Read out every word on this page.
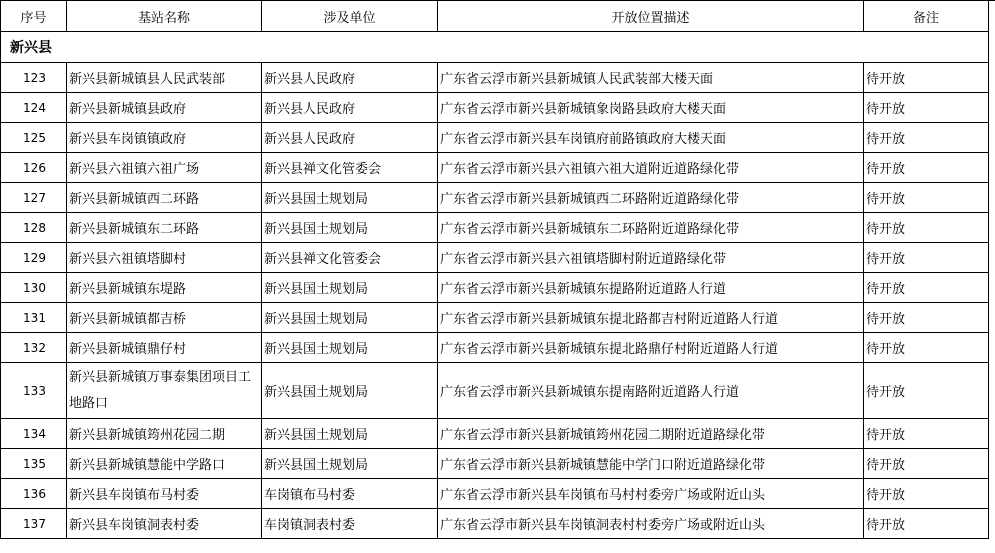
序号	基站名称	涉及单位	开放位置描述	备注
新兴县				
123	新兴县新城镇县人民武装部	新兴县人民政府	广东省云浮市新兴县新城镇人民武装部大楼天面	待开放
124	新兴县新城镇县政府	新兴县人民政府	广东省云浮市新兴县新城镇象岗路县政府大楼天面	待开放
125	新兴县车岗镇镇政府	新兴县人民政府	广东省云浮市新兴县车岗镇府前路镇政府大楼天面	待开放
126	新兴县六祖镇六祖广场	新兴县禅文化管委会	广东省云浮市新兴县六祖镇六祖大道附近道路绿化带	待开放
127	新兴县新城镇西二环路	新兴县国土规划局	广东省云浮市新兴县新城镇西二环路附近道路绿化带	待开放
128	新兴县新城镇东二环路	新兴县国土规划局	广东省云浮市新兴县新城镇东二环路附近道路绿化带	待开放
129	新兴县六祖镇塔脚村	新兴县禅文化管委会	广东省云浮市新兴县六祖镇塔脚村附近道路绿化带	待开放
130	新兴县新城镇东堤路	新兴县国土规划局	广东省云浮市新兴县新城镇东提路附近道路人行道	待开放
131	新兴县新城镇都吉桥	新兴县国土规划局	广东省云浮市新兴县新城镇东提北路都吉村附近道路人行道	待开放
132	新兴县新城镇鼎仔村	新兴县国土规划局	广东省云浮市新兴县新城镇东提北路鼎仔村附近道路人行道	待开放
133	新兴县新城镇万事泰集团项目工地路口	新兴县国土规划局	广东省云浮市新兴县新城镇东提南路附近道路人行道	待开放
134	新兴县新城镇筠州花园二期	新兴县国土规划局	广东省云浮市新兴县新城镇筠州花园二期附近道路绿化带	待开放
135	新兴县新城镇慧能中学路口	新兴县国土规划局	广东省云浮市新兴县新城镇慧能中学门口附近道路绿化带	待开放
136	新兴县车岗镇布马村委	车岗镇布马村委	广东省云浮市新兴县车岗镇布马村村委旁广场或附近山头	待开放
137	新兴县车岗镇洞表村委	车岗镇洞表村委	广东省云浮市新兴县车岗镇洞表村村委旁广场或附近山头	待开放
